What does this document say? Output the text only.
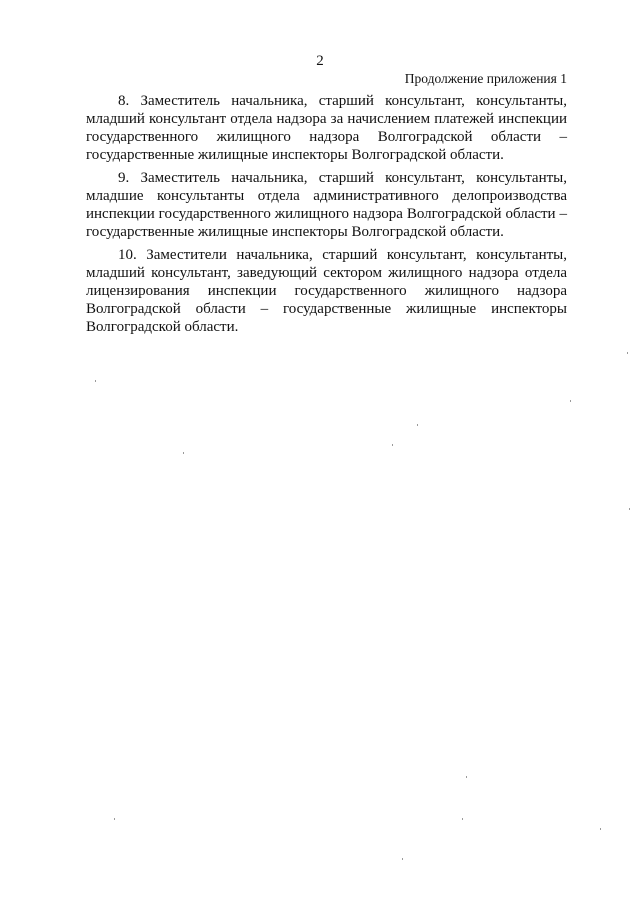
2
Продолжение приложения 1

8. Заместитель начальника, старший консультант, консультанты, младший консультант отдела надзора за начислением платежей инспекции государственного жилищного надзора Волгоградской области – государственные жилищные инспекторы Волгоградской области.

9. Заместитель начальника, старший консультант, консультанты, младшие консультанты отдела административного делопроизводства инспекции государственного жилищного надзора Волгоградской области – государственные жилищные инспекторы Волгоградской области.

10. Заместители начальника, старший консультант, консультанты, младший консультант, заведующий сектором жилищного надзора отдела лицензирования инспекции государственного жилищного надзора Волгоградской области – государственные жилищные инспекторы Волгоградской области.
